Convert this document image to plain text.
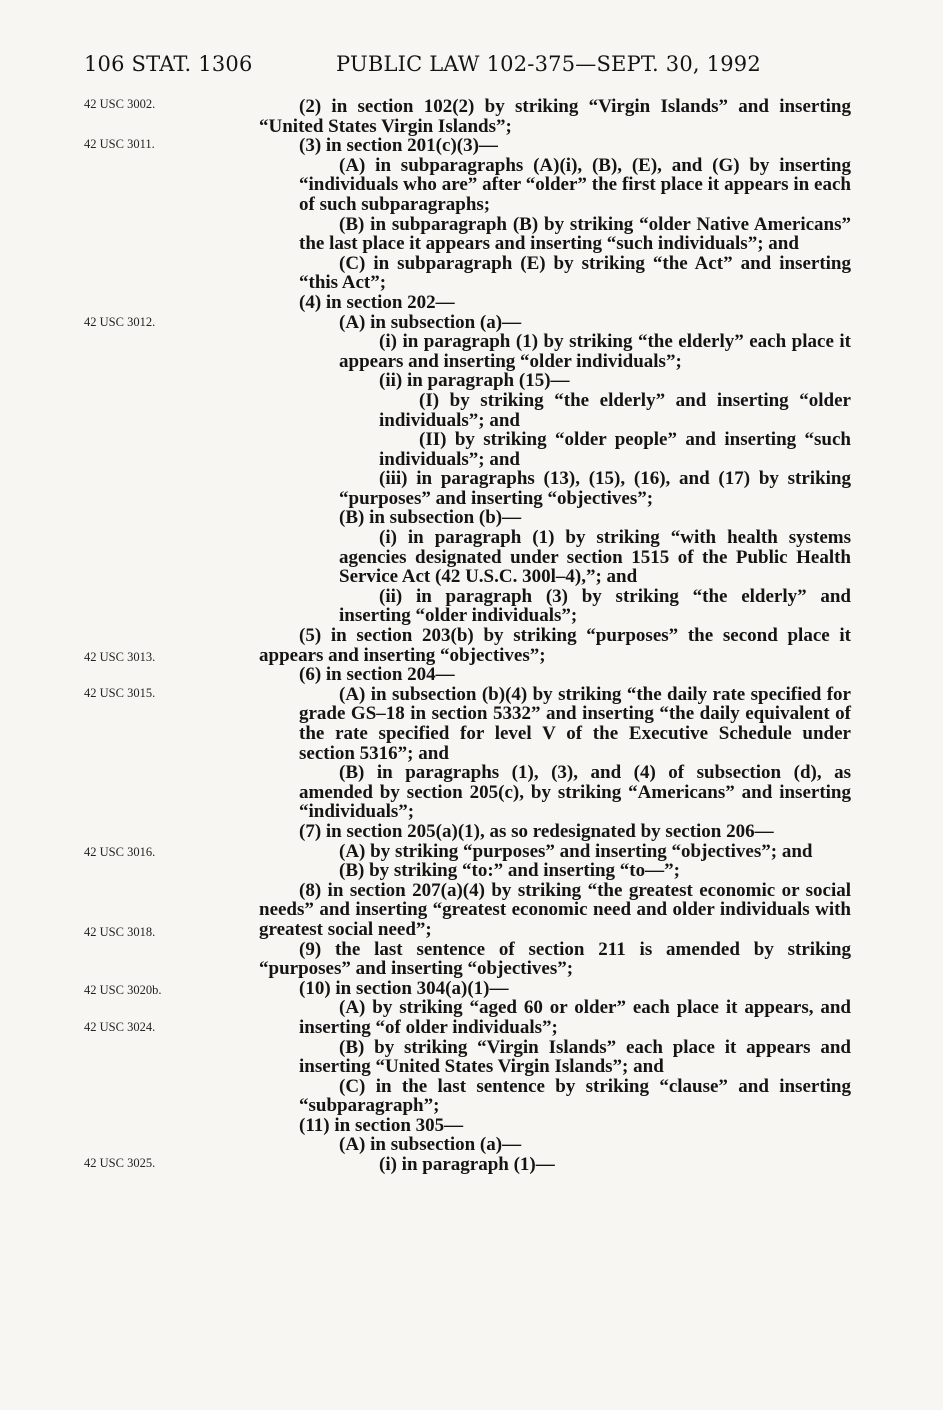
106 STAT. 1306	PUBLIC LAW 102-375—SEPT. 30, 1992
42 USC 3002.
42 USC 3011.
42 USC 3012.
42 USC 3013.
42 USC 3015.
42 USC 3016.
42 USC 3018.
42 USC 3020b.
42 USC 3024.
42 USC 3025.

(2) in section 102(2) by striking “Virgin Islands” and inserting “United States Virgin Islands”;

(3) in section 201(c)(3)—

(A) in subparagraphs (A)(i), (B), (E), and (G) by inserting “individuals who are” after “older” the first place it appears in each of such subparagraphs;

(B) in subparagraph (B) by striking “older Native Americans” the last place it appears and inserting “such individuals”; and

(C) in subparagraph (E) by striking “the Act” and inserting “this Act”;

(4) in section 202—

(A) in subsection (a)—

(i) in paragraph (1) by striking “the elderly” each place it appears and inserting “older individuals”;

(ii) in paragraph (15)—

(I) by striking “the elderly” and inserting “older individuals”; and

(II) by striking “older people” and inserting “such individuals”; and

(iii) in paragraphs (13), (15), (16), and (17) by striking “purposes” and inserting “objectives”;

(B) in subsection (b)—

(i) in paragraph (1) by striking “with health systems agencies designated under section 1515 of the Public Health Service Act (42 U.S.C. 300l–4),”; and

(ii) in paragraph (3) by striking “the elderly” and inserting “older individuals”;

(5) in section 203(b) by striking “purposes” the second place it appears and inserting “objectives”;

(6) in section 204—

(A) in subsection (b)(4) by striking “the daily rate specified for grade GS–18 in section 5332” and inserting “the daily equivalent of the rate specified for level V of the Executive Schedule under section 5316”; and

(B) in paragraphs (1), (3), and (4) of subsection (d), as amended by section 205(c), by striking “Americans” and inserting “individuals”;

(7) in section 205(a)(1), as so redesignated by section 206—

(A) by striking “purposes” and inserting “objectives”; and

(B) by striking “to:” and inserting “to—”;

(8) in section 207(a)(4) by striking “the greatest economic or social needs” and inserting “greatest economic need and older individuals with greatest social need”;

(9) the last sentence of section 211 is amended by striking “purposes” and inserting “objectives”;

(10) in section 304(a)(1)—

(A) by striking “aged 60 or older” each place it appears, and inserting “of older individuals”;

(B) by striking “Virgin Islands” each place it appears and inserting “United States Virgin Islands”; and

(C) in the last sentence by striking “clause” and inserting “subparagraph”;

(11) in section 305—

(A) in subsection (a)—

(i) in paragraph (1)—
